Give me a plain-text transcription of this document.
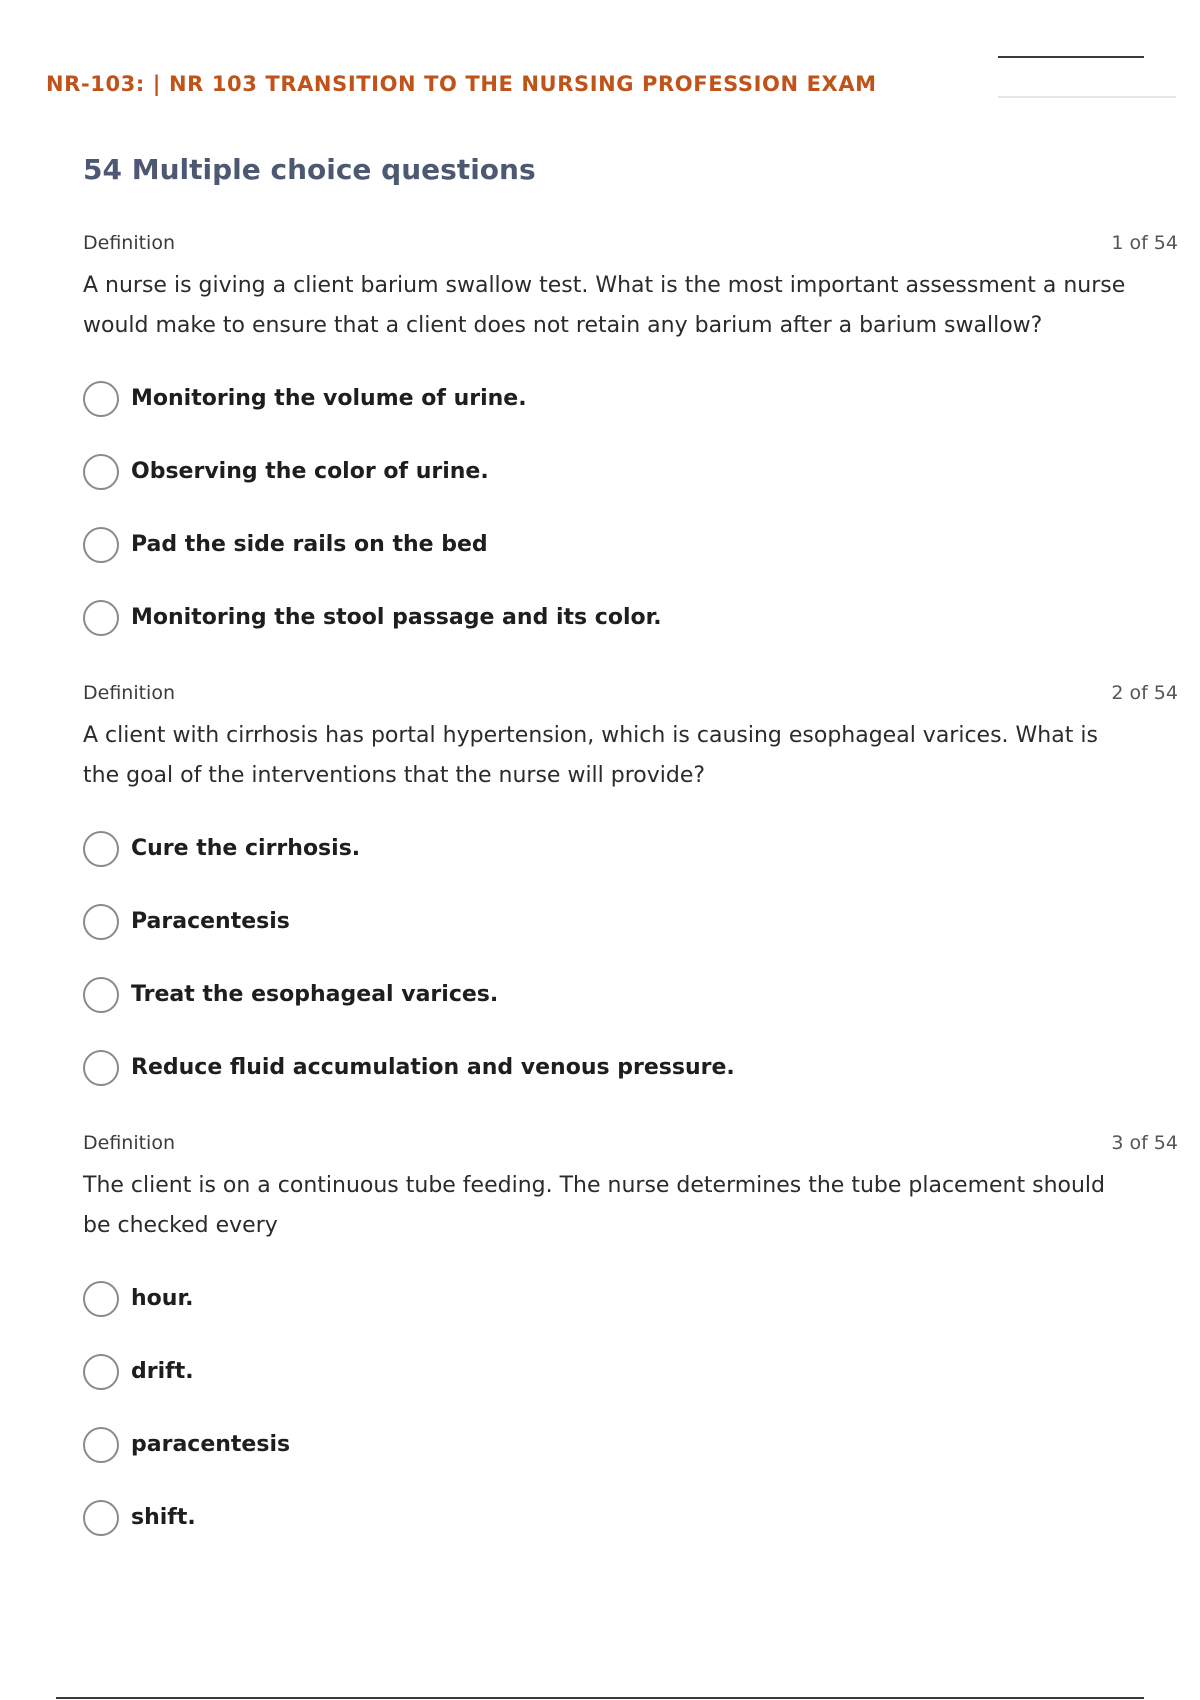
NR-103: | NR 103 TRANSITION TO THE NURSING PROFESSION EXAM
54 Multiple choice questions
Definition	1 of 54

A nurse is giving a client barium swallow test. What is the most important assessment a nurse would make to ensure that a client does not retain any barium after a barium swallow?

Monitoring the volume of urine.
Observing the color of urine.
Pad the side rails on the bed
Monitoring the stool passage and its color.
Definition	2 of 54

A client with cirrhosis has portal hypertension, which is causing esophageal varices. What is the goal of the interventions that the nurse will provide?

Cure the cirrhosis.
Paracentesis
Treat the esophageal varices.
Reduce fluid accumulation and venous pressure.
Definition	3 of 54

The client is on a continuous tube feeding. The nurse determines the tube placement should be checked every

hour.
drift.
paracentesis
shift.
